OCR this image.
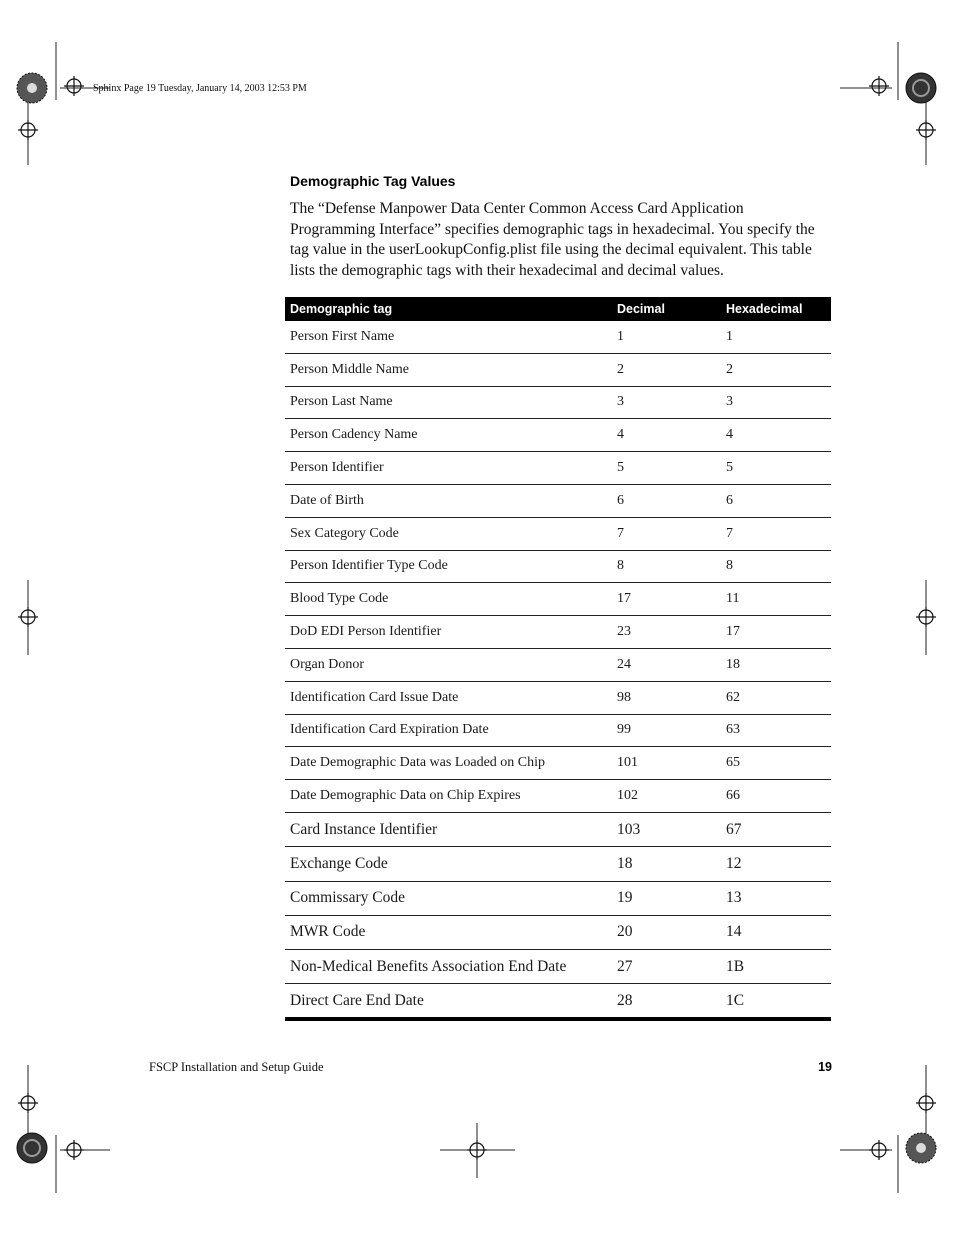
Sphinx Page 19 Tuesday, January 14, 2003 12:53 PM
Demographic Tag Values
The “Defense Manpower Data Center Common Access Card Application Programming Interface” specifies demographic tags in hexadecimal. You specify the tag value in the userLookupConfig.plist file using the decimal equivalent. This table lists the demographic tags with their hexadecimal and decimal values.
Demographic tag	Decimal	Hexadecimal
Person First Name	1	1
Person Middle Name	2	2
Person Last Name	3	3
Person Cadency Name	4	4
Person Identifier	5	5
Date of Birth	6	6
Sex Category Code	7	7
Person Identifier Type Code	8	8
Blood Type Code	17	11
DoD EDI Person Identifier	23	17
Organ Donor	24	18
Identification Card Issue Date	98	62
Identification Card Expiration Date	99	63
Date Demographic Data was Loaded on Chip	101	65
Date Demographic Data on Chip Expires	102	66
Card Instance Identifier	103	67
Exchange Code	18	12
Commissary Code	19	13
MWR Code	20	14
Non-Medical Benefits Association End Date	27	1B
Direct Care End Date	28	1C
FSCP Installation and Setup Guide	19
